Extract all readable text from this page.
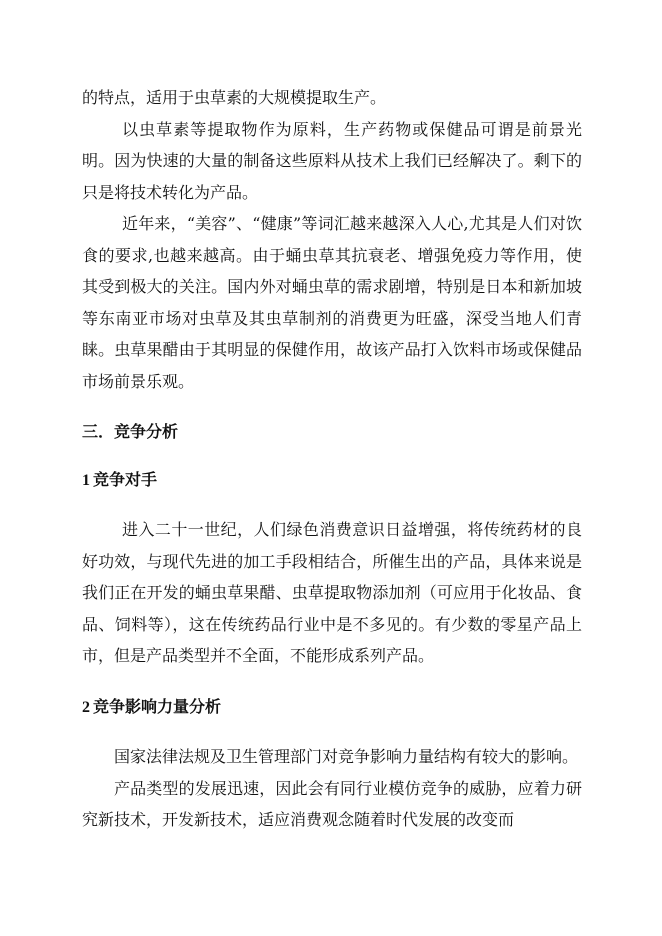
的特点，适用于虫草素的大规模提取生产。

以虫草素等提取物作为原料，生产药物或保健品可谓是前景光明。因为快速的大量的制备这些原料从技术上我们已经解决了。剩下的只是将技术转化为产品。

近年来，“美容”、“健康”等词汇越来越深入人心,尤其是人们对饮食的要求,也越来越高。由于蛹虫草其抗衰老、增强免疫力等作用，使其受到极大的关注。国内外对蛹虫草的需求剧增，特别是日本和新加坡等东南亚市场对虫草及其虫草制剂的消费更为旺盛，深受当地人们青睐。虫草果醋由于其明显的保健作用，故该产品打入饮料市场或保健品市场前景乐观。

三．竞争分析
1 竞争对手

进入二十一世纪，人们绿色消费意识日益增强，将传统药材的良好功效，与现代先进的加工手段相结合，所催生出的产品，具体来说是我们正在开发的蛹虫草果醋、虫草提取物添加剂（可应用于化妆品、食品、饲料等），这在传统药品行业中是不多见的。有少数的零星产品上市，但是产品类型并不全面，不能形成系列产品。

2 竞争影响力量分析

国家法律法规及卫生管理部门对竞争影响力量结构有较大的影响。

产品类型的发展迅速，因此会有同行业模仿竞争的威胁，应着力研究新技术，开发新技术，适应消费观念随着时代发展的改变而
